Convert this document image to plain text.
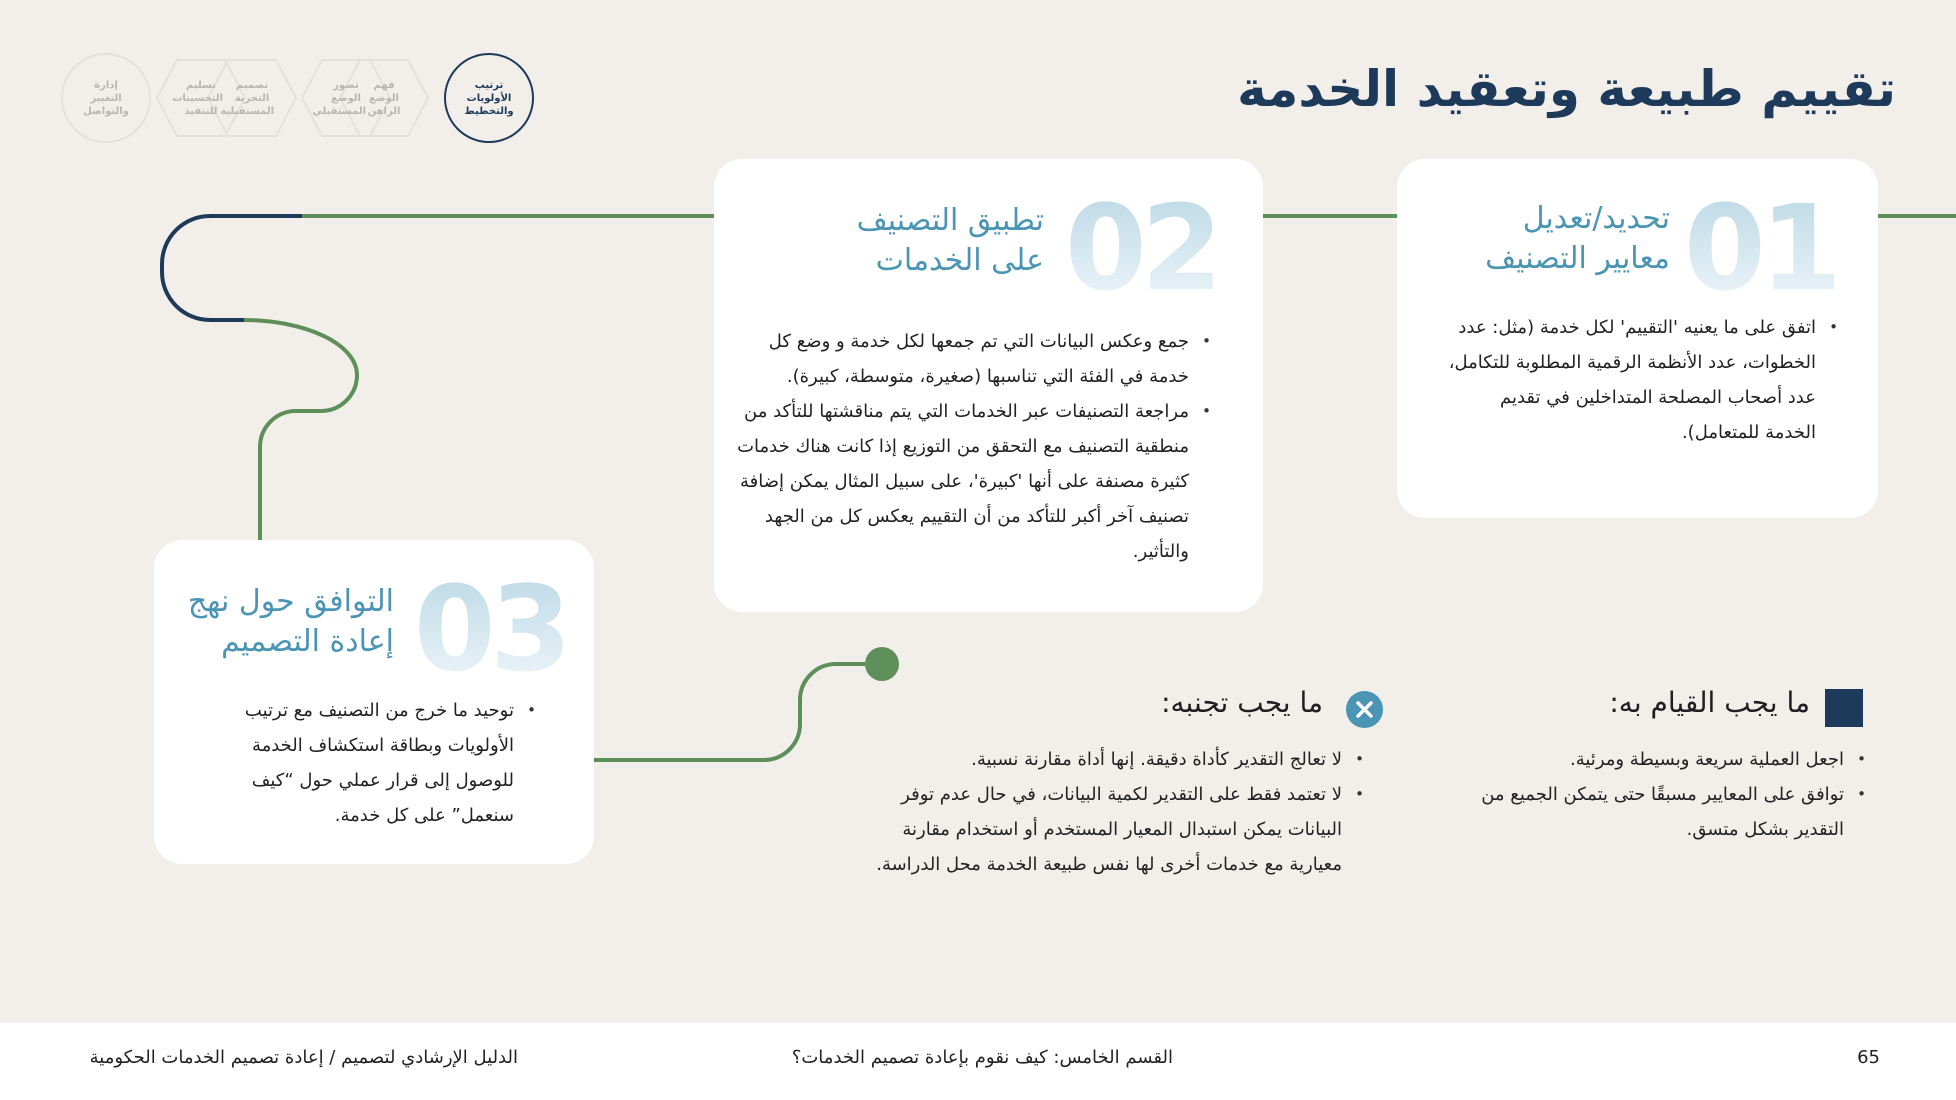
ترتيب الأولويات والتخطيط
فهم الوضع الراهن
تصور الوضع المستقبلي
تصميم التجربة المستقبلية
تسليم التحسينات للتنفيذ
إدارة التغيير والتواصل	تقييم طبيعة وتعقيد الخدمة
01
تحديد/تعديل
معايير التصنيف
• اتفق على ما يعنيه 'التقييم' لكل خدمة (مثل: عدد الخطوات، عدد الأنظمة الرقمية المطلوبة للتكامل، عدد أصحاب المصلحة المتداخلين في تقديم الخدمة للمتعامل).
02
تطبيق التصنيف
على الخدمات
• جمع وعكس البيانات التي تم جمعها لكل خدمة و وضع كل خدمة في الفئة التي تناسبها (صغيرة، متوسطة، كبيرة).
• مراجعة التصنيفات عبر الخدمات التي يتم مناقشتها للتأكد من منطقية التصنيف مع التحقق من التوزيع إذا كانت هناك خدمات كثيرة مصنفة على أنها 'كبيرة'، على سبيل المثال يمكن إضافة تصنيف آخر أكبر للتأكد من أن التقييم يعكس كل من الجهد والتأثير.
03
التوافق حول نهج
إعادة التصميم
• توحيد ما خرج من التصنيف مع ترتيب الأولويات وبطاقة استكشاف الخدمة للوصول إلى قرار عملي حول “كيف سنعمل” على كل خدمة.
ما يجب القيام به:
• اجعل العملية سريعة وبسيطة ومرئية.
• توافق على المعايير مسبقًا حتى يتمكن الجميع من التقدير بشكل متسق.
ما يجب تجنبه:
• لا تعالج التقدير كأداة دقيقة. إنها أداة مقارنة نسبية.
• لا تعتمد فقط على التقدير لكمية البيانات، في حال عدم توفر البيانات يمكن استبدال المعيار المستخدم أو استخدام مقارنة معيارية مع خدمات أخرى لها نفس طبيعة الخدمة محل الدراسة.
65
القسم الخامس: كيف نقوم بإعادة تصميم الخدمات؟
الدليل الإرشادي لتصميم / إعادة تصميم الخدمات الحكومية
